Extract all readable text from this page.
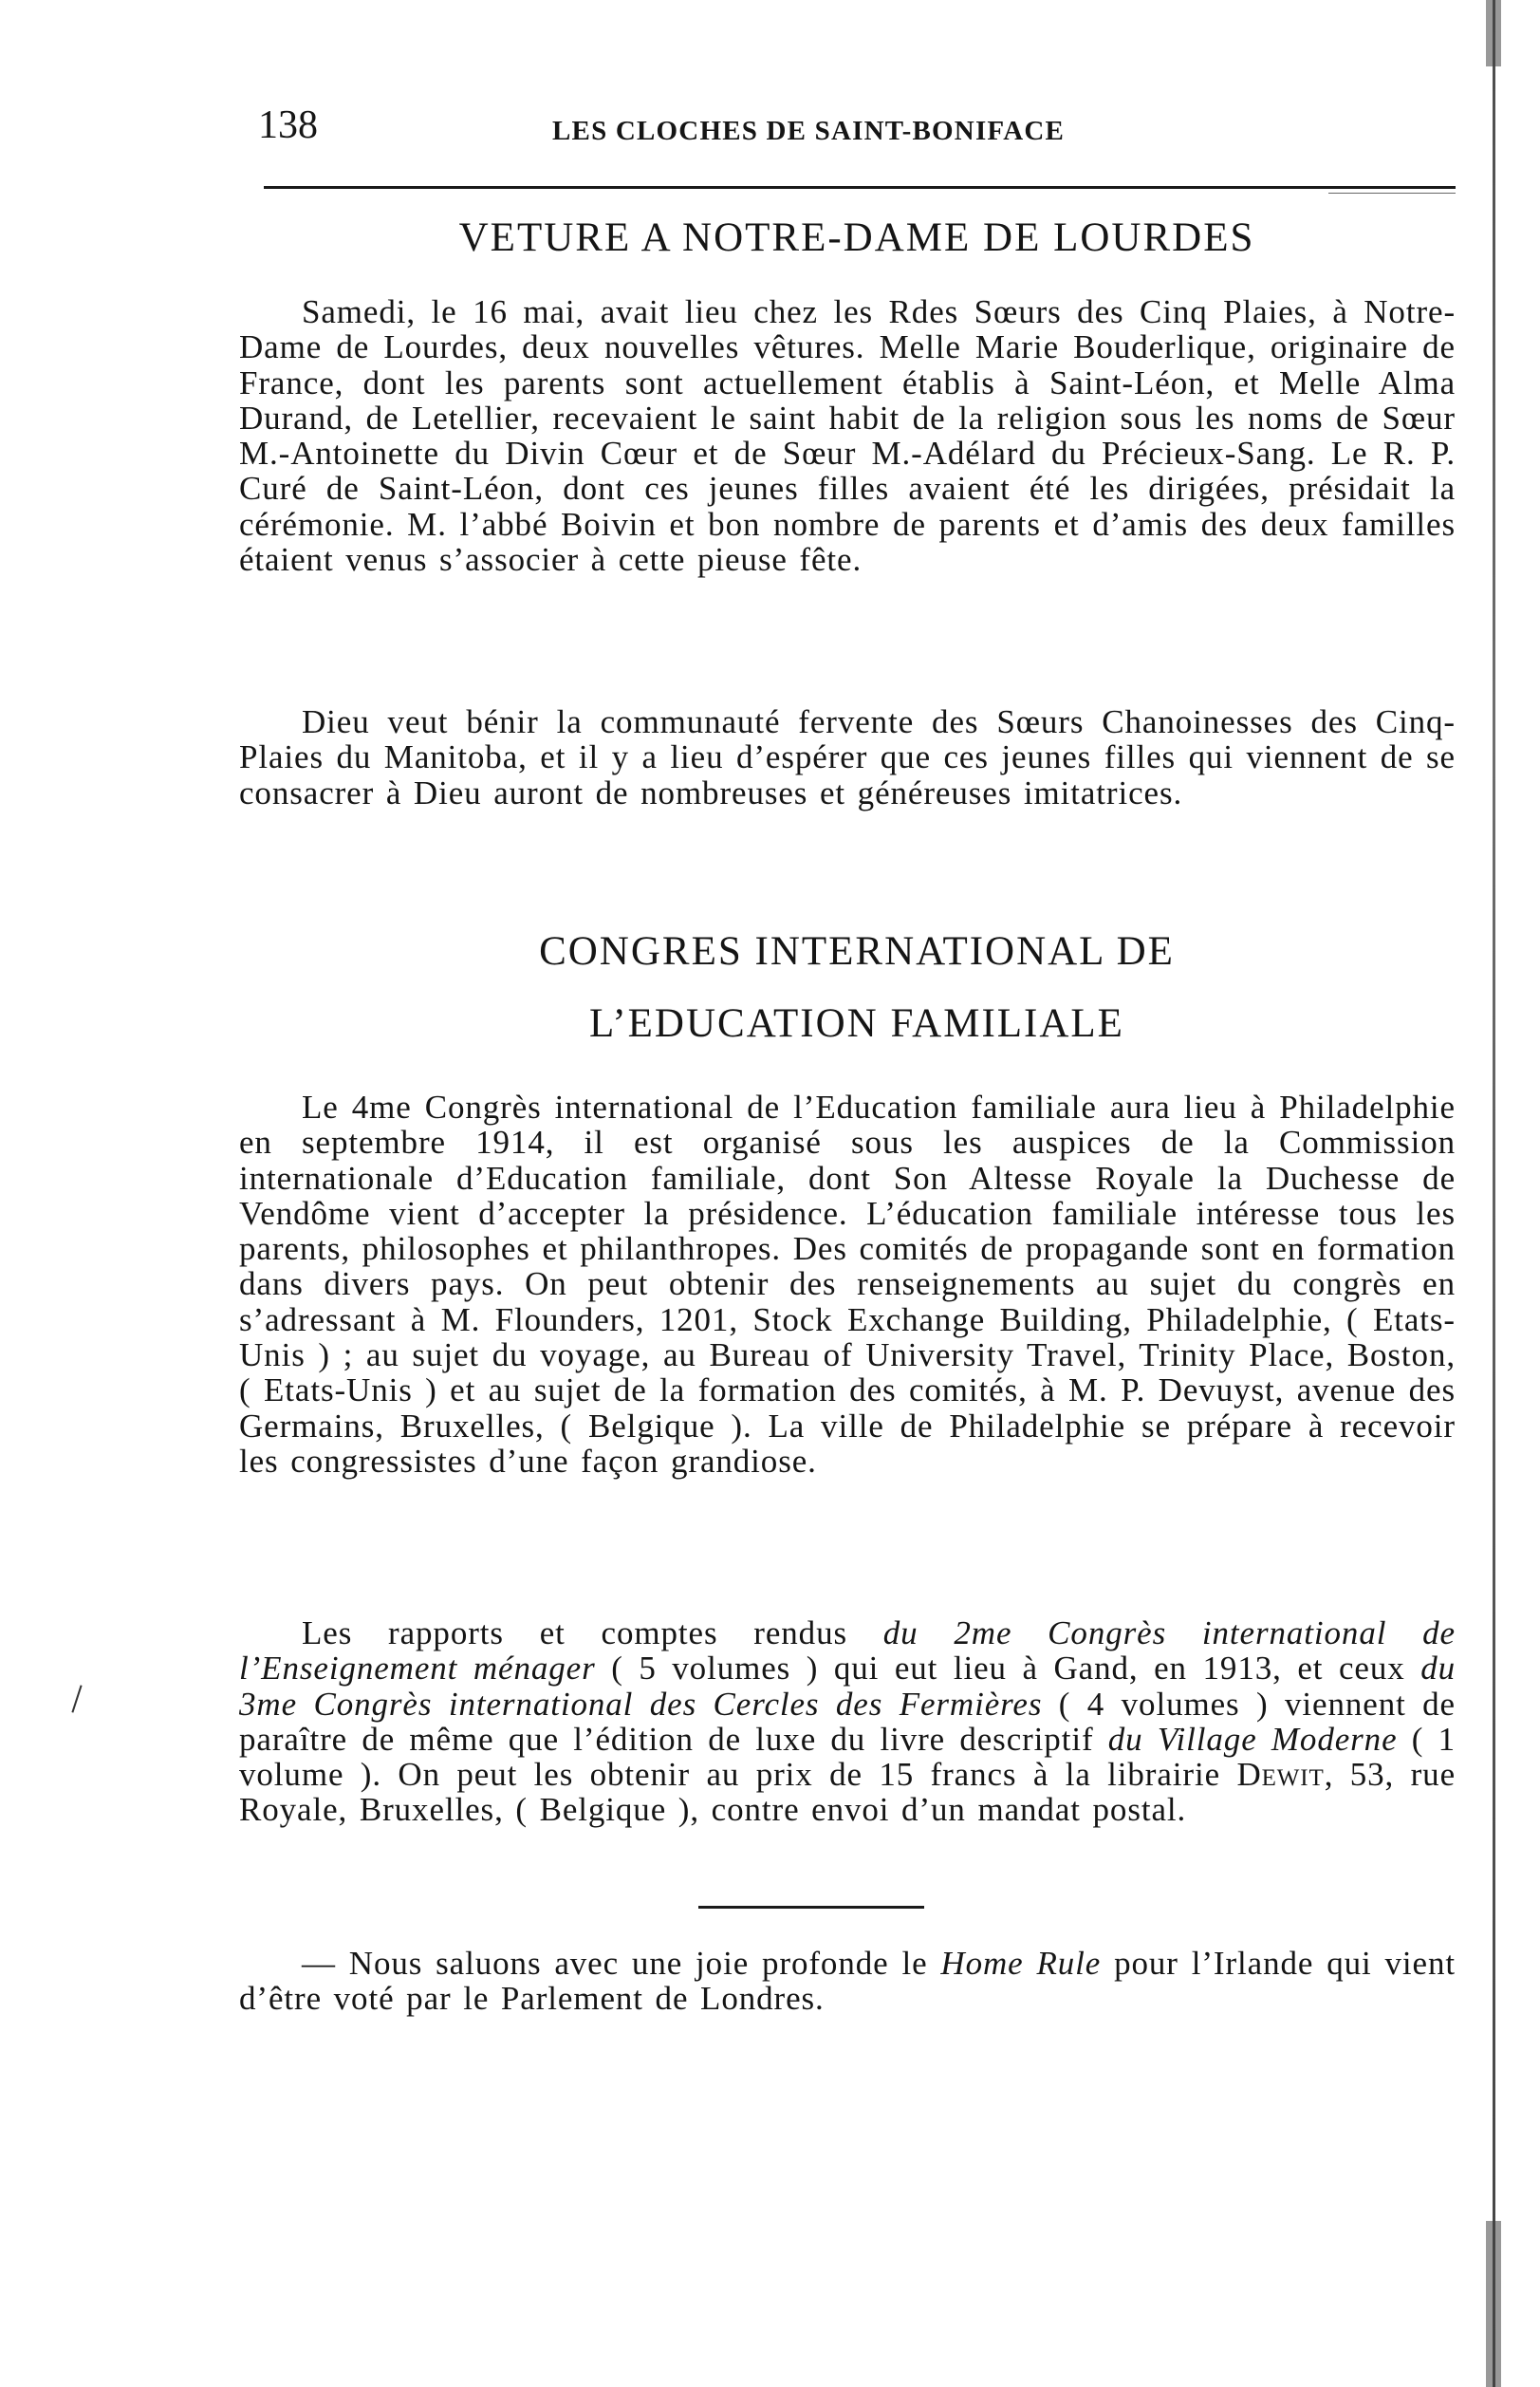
138	LES CLOCHES DE SAINT-BONIFACE
VETURE A NOTRE-DAME DE LOURDES

Samedi, le 16 mai, avait lieu chez les Rdes Sœurs des Cinq Plaies, à Notre-Dame de Lourdes, deux nouvelles vêtures. Melle Marie Bouderlique, originaire de France, dont les parents sont actuellement établis à Saint-Léon, et Melle Alma Durand, de Letellier, recevaient le saint habit de la religion sous les noms de Sœur M.-Antoinette du Divin Cœur et de Sœur M.-Adélard du Précieux-Sang. Le R. P. Curé de Saint-Léon, dont ces jeunes filles avaient été les dirigées, présidait la cérémonie. M. l’abbé Boivin et bon nombre de parents et d’amis des deux familles étaient venus s’associer à cette pieuse fête.

Dieu veut bénir la communauté fervente des Sœurs Chanoinesses des Cinq-Plaies du Manitoba, et il y a lieu d’espérer que ces jeunes filles qui viennent de se consacrer à Dieu auront de nombreuses et généreuses imitatrices.

CONGRES INTERNATIONAL DE
L’EDUCATION FAMILIALE

Le 4me Congrès international de l’Education familiale aura lieu à Philadelphie en septembre 1914, il est organisé sous les auspices de la Commission internationale d’Education familiale, dont Son Altesse Royale la Duchesse de Vendôme vient d’accepter la présidence. L’éducation familiale intéresse tous les parents, philosophes et philanthropes. Des comités de propagande sont en formation dans divers pays. On peut obtenir des renseignements au sujet du congrès en s’adressant à M. Flounders, 1201, Stock Exchange Building, Philadelphie, ( Etats-Unis ) ; au sujet du voyage, au Bureau of University Travel, Trinity Place, Boston, ( Etats-Unis ) et au sujet de la formation des comités, à M. P. Devuyst, avenue des Germains, Bruxelles, ( Belgique ). La ville de Philadelphie se prépare à recevoir les congressistes d’une façon grandiose.

Les rapports et comptes rendus du 2me Congrès international de l’Enseignement ménager ( 5 volumes ) qui eut lieu à Gand, en 1913, et ceux du 3me Congrès international des Cercles des Fermières ( 4 volumes ) viennent de paraître de même que l’édition de luxe du livre descriptif du Village Moderne ( 1 volume ). On peut les obtenir au prix de 15 francs à la librairie Dewit, 53, rue Royale, Bruxelles, ( Belgique ), contre envoi d’un mandat postal.

— Nous saluons avec une joie profonde le Home Rule pour l’Irlande qui vient d’être voté par le Parlement de Londres.
